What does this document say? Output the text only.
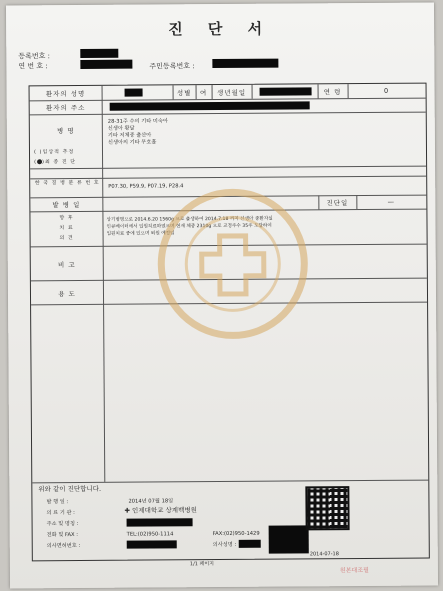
진 단 서
등록번호 :
연 번 호 :	주민등록번호 :
환자의 성명	성별	여	생년월일	연 령	0
환자의 주소
병 명
28-31주 수의 기타 미숙아
신생아 황달
기타 저체중 출산아
신생아의 기타 무호흡
( )임상적 추정
( )최 종 진 단
한 국 질 병 분 류 번 호
P07.30, P59.9, P07.19, P28.4
발 병 일	진단일	—
향 후
치 료
의 견
상기병명으로 2014.6.20 1560g 으로 출생하여 2014.7.18 까지 신생아 중환자실
인큐베이터에서 입원치료하였으며 현재 체중 2310g 으로 교정주수 35주 도달하여
입원치료 중에 있으며 퇴원 예정임
비 고
용 도
위와 같이 진단합니다.
발 행 일 :	2014년 07월 18일
의 료 기 관 :	✚ 인제대학교 상계백병원
주소 및 명칭 :
전화 및 FAX :	TEL:(02)950-1114	FAX:(02)950-1429
의사면허번호 :	의사성명 :
1/1 페이지
2014-07-18
원본대조필
